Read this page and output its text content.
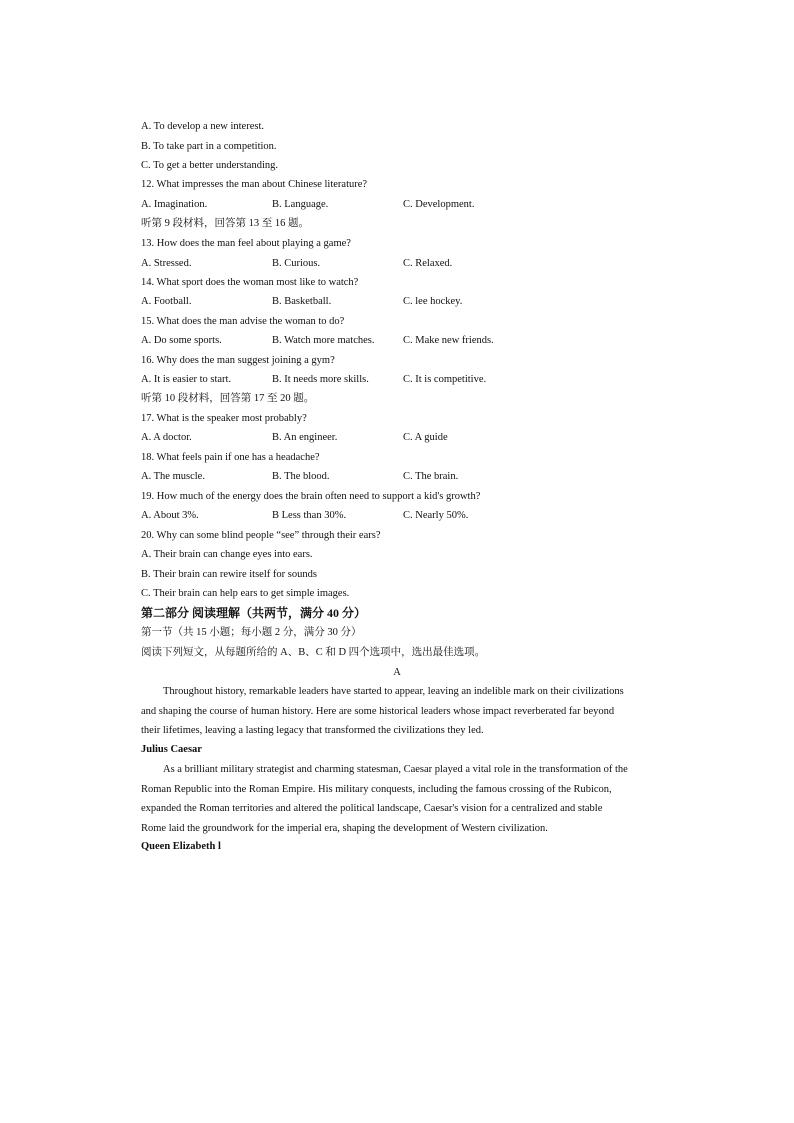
A. To develop a new interest.
B. To take part in a competition.
C. To get a better understanding.
12. What impresses the man about Chinese literature?
A. Imagination.	B. Language.	C. Development.
听第 9 段材料，回答第 13 至 16 题。
13. How does the man feel about playing a game?
A. Stressed.	B. Curious.	C. Relaxed.
14. What sport does the woman most like to watch?
A. Football.	B. Basketball.	C. lee hockey.
15. What does the man advise the woman to do?
A. Do some sports.	B. Watch more matches.	C. Make new friends.
16. Why does the man suggest joining a gym?
A. It is easier to start.	B. It needs more skills.	C. It is competitive.
听第 10 段材料，回答第 17 至 20 题。
17. What is the speaker most probably?
A. A doctor.	B. An engineer.	C. A guide
18. What feels pain if one has a headache?
A. The muscle.	B. The blood.	C. The brain.
19. How much of the energy does the brain often need to support a kid's growth?
A. About 3%.	B Less than 30%.	C. Nearly 50%.
20. Why can some blind people “see” through their ears?
A. Their brain can change eyes into ears.
B. Their brain can rewire itself for sounds
C. Their brain can help ears to get simple images.
第二部分 阅读理解（共两节，满分 40 分）
第一节（共 15 小题；每小题 2 分，满分 30 分）
阅读下列短文，从每题所给的 A、B、C 和 D 四个选项中，选出最佳选项。
A
Throughout history, remarkable leaders have started to appear, leaving an indelible mark on their civilizations
and shaping the course of human history. Here are some historical leaders whose impact reverberated far beyond
their lifetimes, leaving a lasting legacy that transformed the civilizations they led.
Julius Caesar
As a brilliant military strategist and charming statesman, Caesar played a vital role in the transformation of the
Roman Republic into the Roman Empire. His military conquests, including the famous crossing of the Rubicon,
expanded the Roman territories and altered the political landscape, Caesar's vision for a centralized and stable
Rome laid the groundwork for the imperial era, shaping the development of Western civilization.
Queen Elizabeth l
